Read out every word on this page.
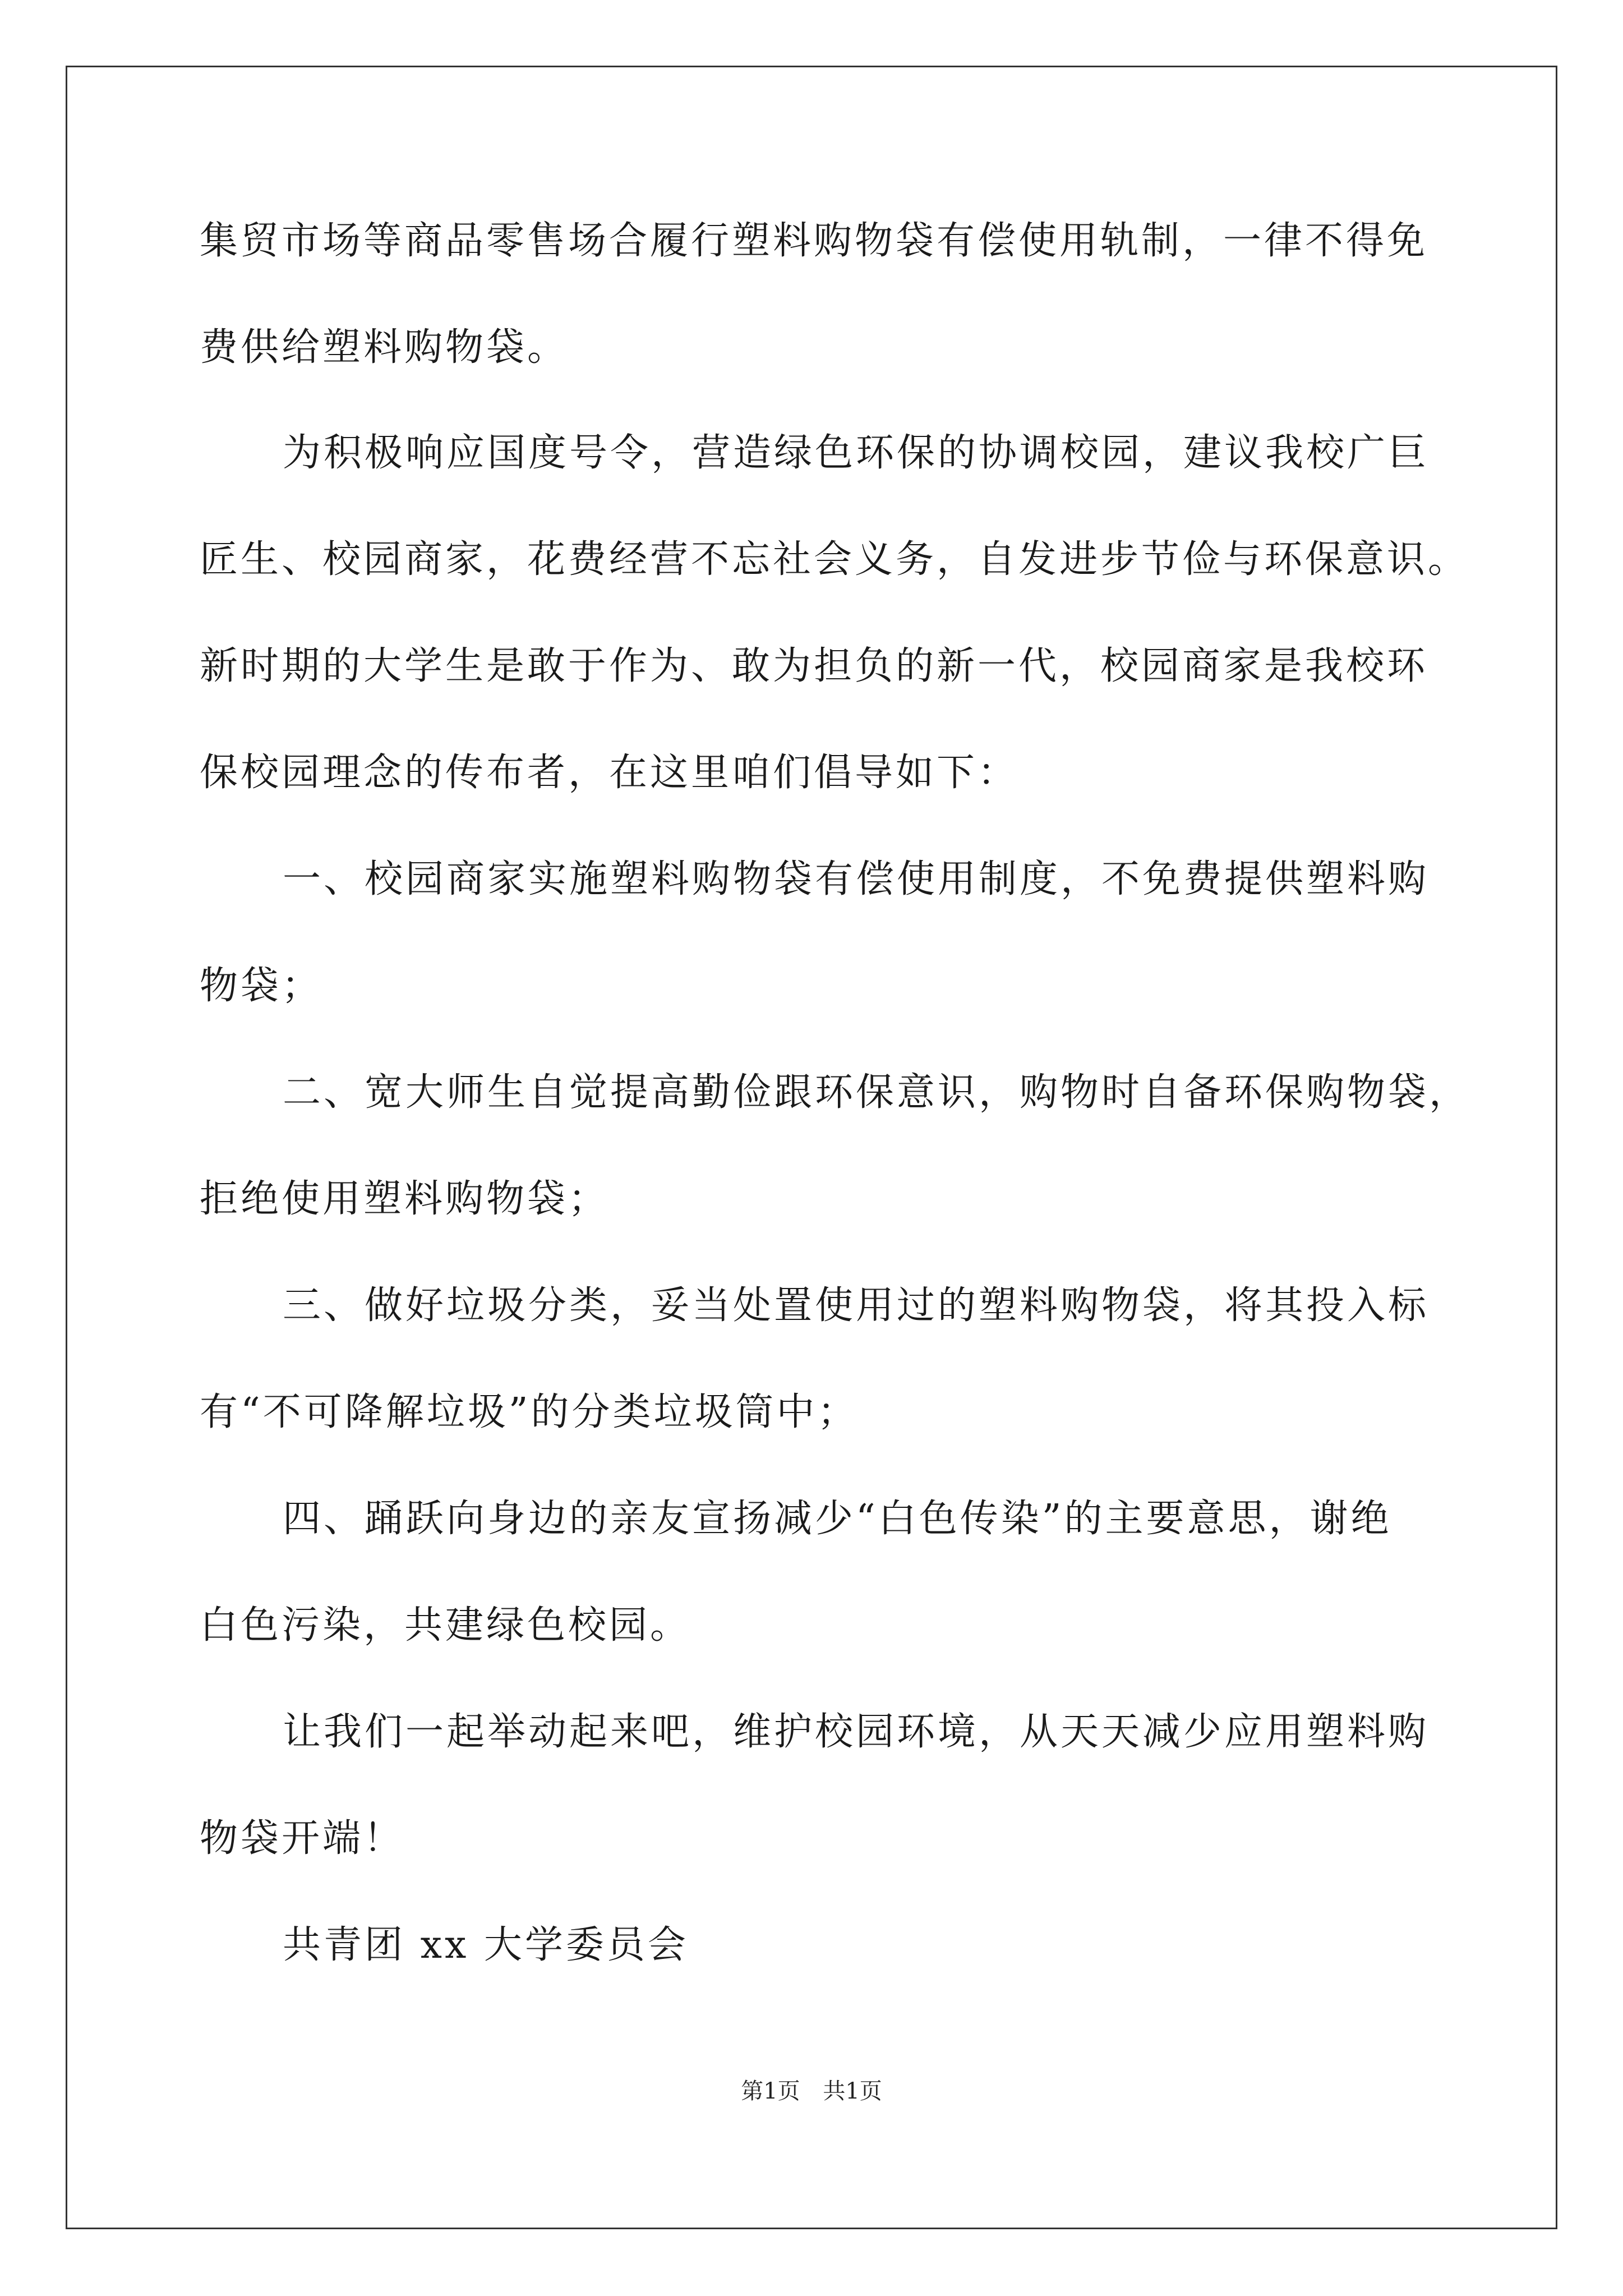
集贸市场等商品零售场合履行塑料购物袋有偿使用轨制，一律不得免
费供给塑料购物袋。
为积极响应国度号令，营造绿色环保的协调校园，建议我校广巨
匠生、校园商家，花费经营不忘社会义务，自发进步节俭与环保意识。
新时期的大学生是敢于作为、敢为担负的新一代，校园商家是我校环
保校园理念的传布者，在这里咱们倡导如下：
一、校园商家实施塑料购物袋有偿使用制度，不免费提供塑料购
物袋；
二、宽大师生自觉提高勤俭跟环保意识，购物时自备环保购物袋，
拒绝使用塑料购物袋；
三、做好垃圾分类，妥当处置使用过的塑料购物袋，将其投入标
有“不可降解垃圾”的分类垃圾筒中；
四、踊跃向身边的亲友宣扬减少“白色传染”的主要意思，谢绝
白色污染，共建绿色校园。
让我们一起举动起来吧，维护校园环境，从天天减少应用塑料购
物袋开端！
共青团 xx 大学委员会
第1页 共1页
